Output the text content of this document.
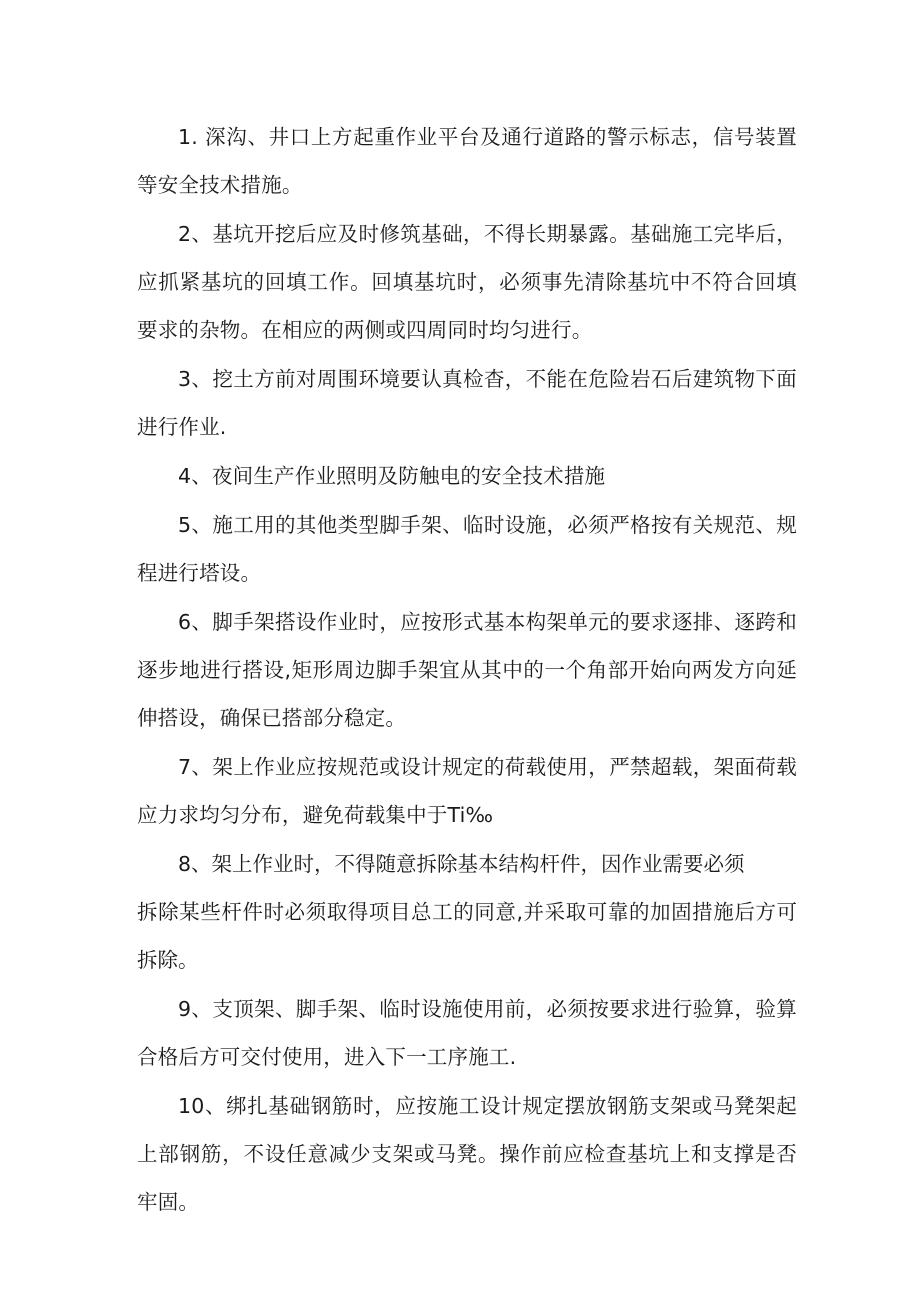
1. 深沟、井口上方起重作业平台及通行道路的警示标志，信号装置等安全技术措施。

2、基坑开挖后应及时修筑基础，不得长期暴露。基础施工完毕后，应抓紧基坑的回填工作。回填基坑时，必须事先清除基坑中不符合回填要求的杂物。在相应的两侧或四周同时均匀进行。

3、挖土方前对周围环境要认真检杳，不能在危险岩石后建筑物下面进行作业.

4、夜间生产作业照明及防触电的安全技术措施

5、施工用的其他类型脚手架、临时设施，必须严格按有关规范、规程进行塔设。

6、脚手架搭设作业时，应按形式基本构架单元的要求逐排、逐跨和逐步地进行搭设,矩形周边脚手架宜从其中的一个角部开始向两发方向延伸搭设，确保已搭部分稳定。

7、架上作业应按规范或设计规定的荷载使用，严禁超载，架面荷载应力求均匀分布，避免荷载集中于Ti‰

8、架上作业时，不得随意拆除基本结构杆件，因作业需要必须

拆除某些杆件时必须取得项目总工的同意,并采取可靠的加固措施后方可拆除。

9、支顶架、脚手架、临时设施使用前，必须按要求进行验算，验算合格后方可交付使用，进入下一工序施工.

10、绑扎基础钢筋时，应按施工设计规定摆放钢筋支架或马凳架起上部钢筋，不设任意减少支架或马凳。操作前应检查基坑上和支撑是否牢固。
